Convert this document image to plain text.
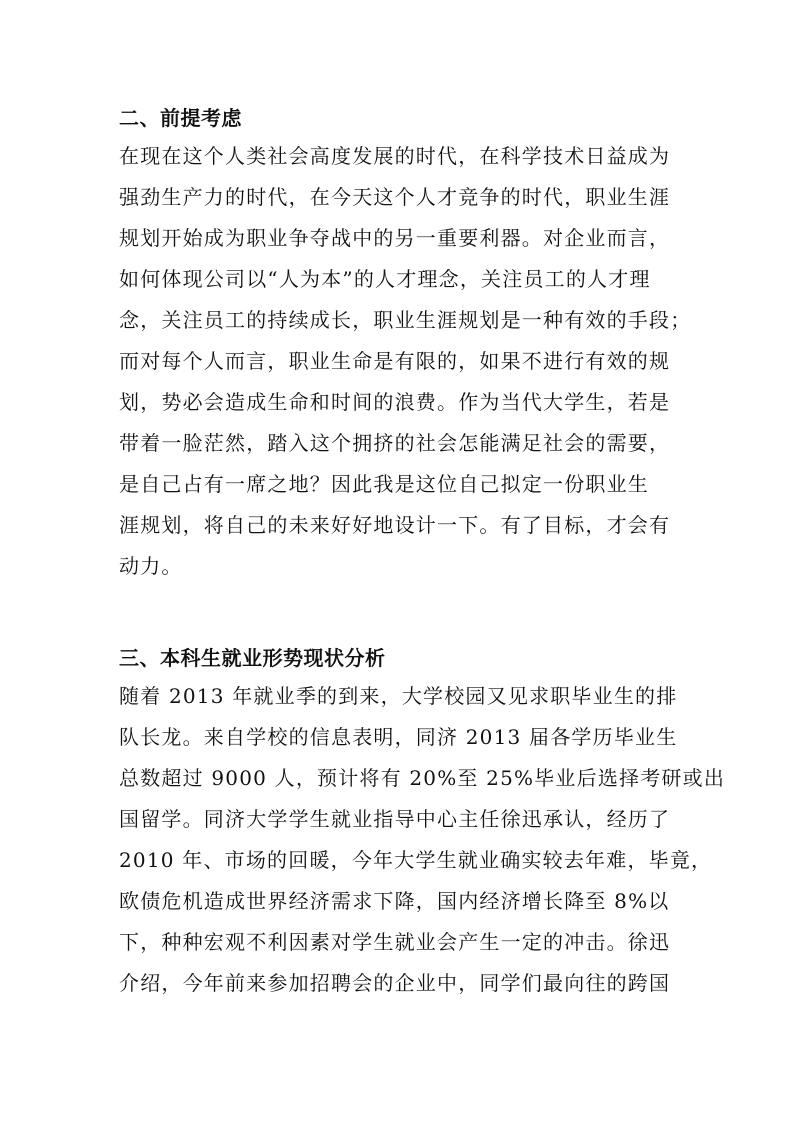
二、前提考虑

在现在这个人类社会高度发展的时代，在科学技术日益成为

强劲生产力的时代，在今天这个人才竞争的时代，职业生涯

规划开始成为职业争夺战中的另一重要利器。对企业而言，

如何体现公司以“人为本”的人才理念，关注员工的人才理

念，关注员工的持续成长，职业生涯规划是一种有效的手段；

而对每个人而言，职业生命是有限的，如果不进行有效的规

划，势必会造成生命和时间的浪费。作为当代大学生，若是

带着一脸茫然，踏入这个拥挤的社会怎能满足社会的需要，

是自己占有一席之地？因此我是这位自己拟定一份职业生

涯规划，将自己的未来好好地设计一下。有了目标，才会有

动力。

三、本科生就业形势现状分析

随着 2013 年就业季的到来，大学校园又见求职毕业生的排

队长龙。来自学校的信息表明，同济 2013 届各学历毕业生

总数超过 9000 人，预计将有 20%至 25%毕业后选择考研或出

国留学。同济大学学生就业指导中心主任徐迅承认，经历了

2010 年、市场的回暖，今年大学生就业确实较去年难，毕竟，

欧债危机造成世界经济需求下降，国内经济增长降至 8%以

下，种种宏观不利因素对学生就业会产生一定的冲击。徐迅

介绍，今年前来参加招聘会的企业中，同学们最向往的跨国
